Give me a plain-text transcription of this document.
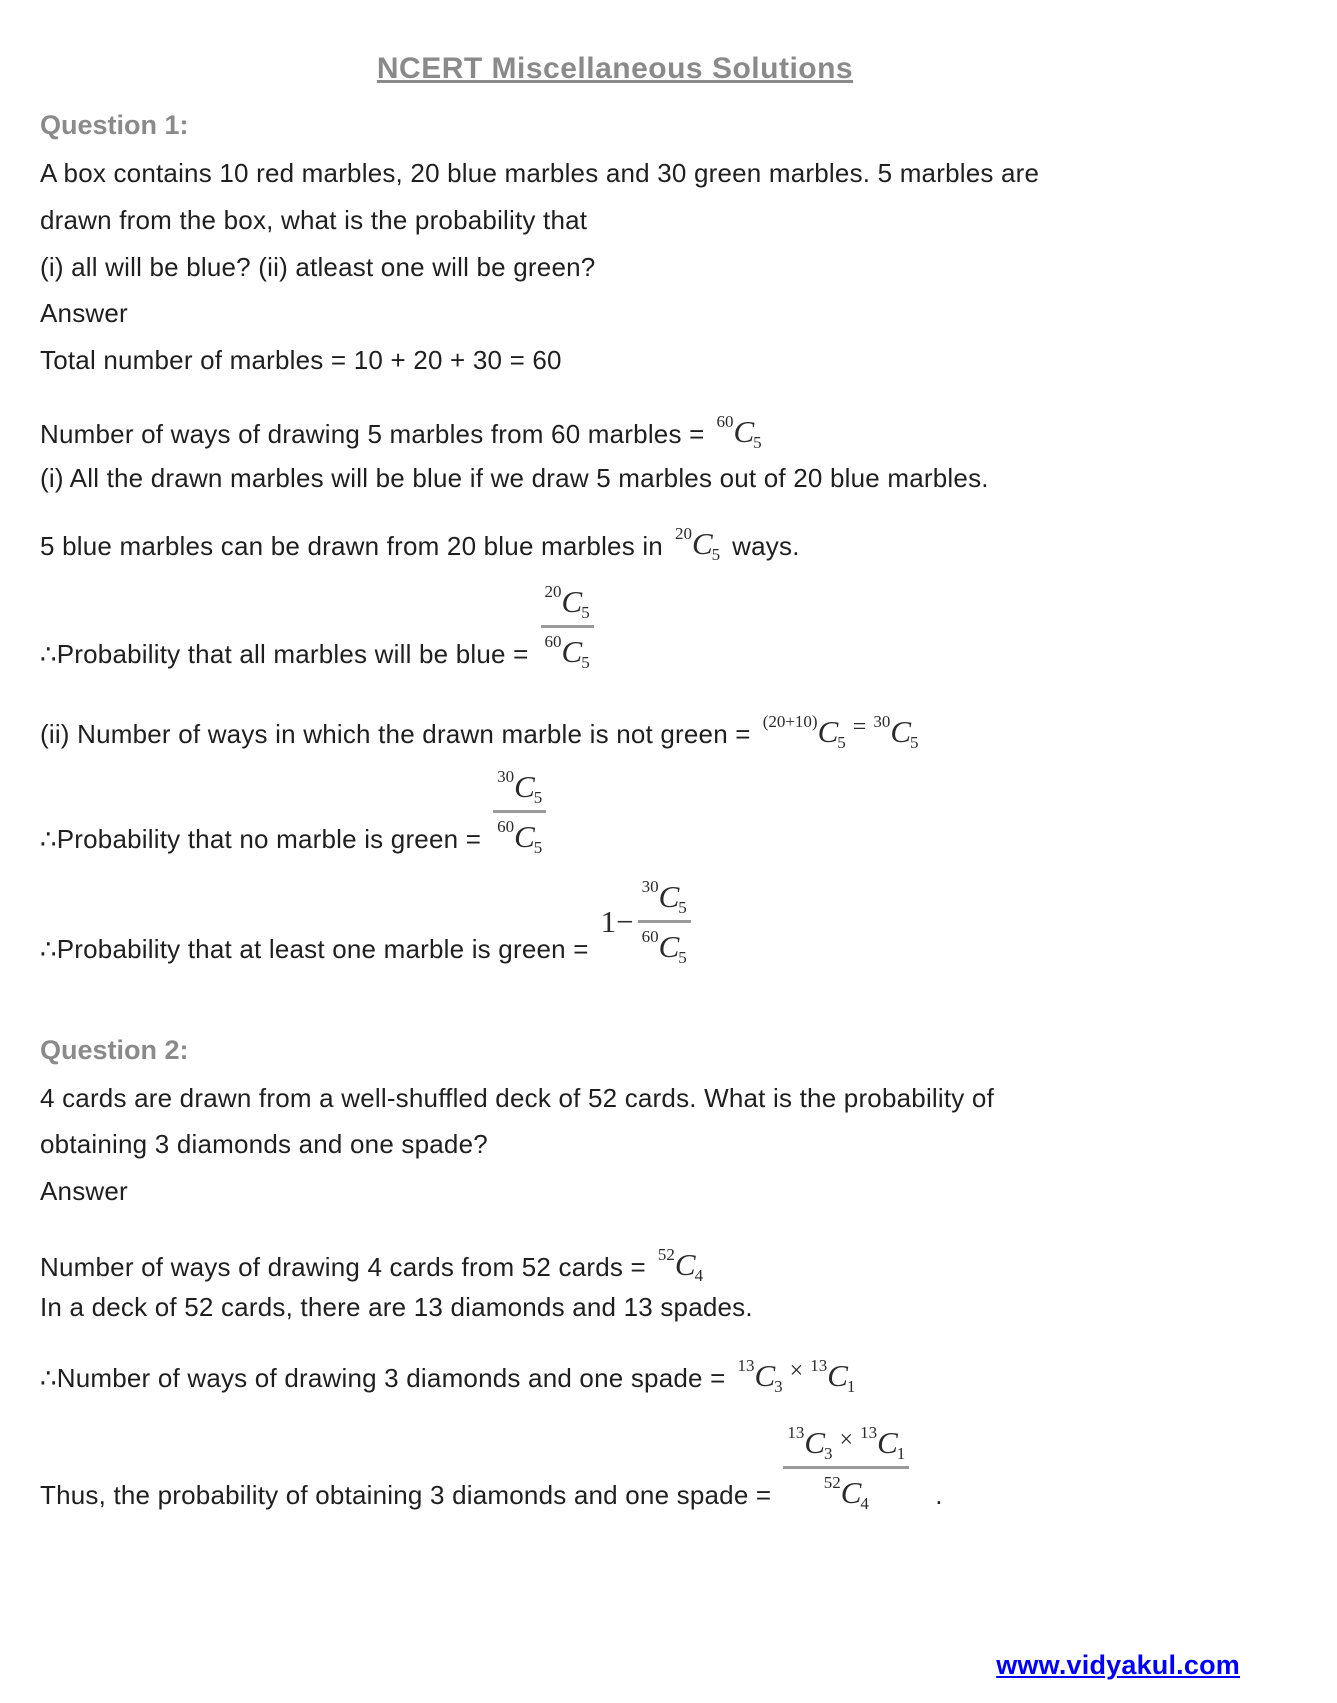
NCERT Miscellaneous Solutions
Question 1:
A box contains 10 red marbles, 20 blue marbles and 30 green marbles. 5 marbles are
drawn from the box, what is the probability that
(i) all will be blue? (ii) atleast one will be green?
Answer
Total number of marbles = 10 + 20 + 30 = 60
Number of ways of drawing 5 marbles from 60 marbles = 60C5
(i) All the drawn marbles will be blue if we draw 5 marbles out of 20 blue marbles.
5 blue marbles can be drawn from 20 blue marbles in 20C5 ways.
∴Probability that all marbles will be blue = $\frac{20C5}{60C5}$
(ii) Number of ways in which the drawn marble is not green = (20+10)C5
= 30C5
∴Probability that no marble is green = $\frac{30C5}{60C5}$
∴Probability that at least one marble is green =
$1- \frac{30C5}{60C5}$
Question 2:
4 cards are drawn from a well-shuffled deck of 52 cards. What is the probability of
obtaining 3 diamonds and one spade?
Answer
Number of ways of drawing 4 cards from 52 cards = 52C4
In a deck of 52 cards, there are 13 diamonds and 13 spades.
∴Number of ways of drawing 3 diamonds and one spade = 13C3
× 13C1
Thus, the probability of obtaining 3 diamonds and one spade = 13C3
× 13C1
52C4 .
www.vidyakul.com
